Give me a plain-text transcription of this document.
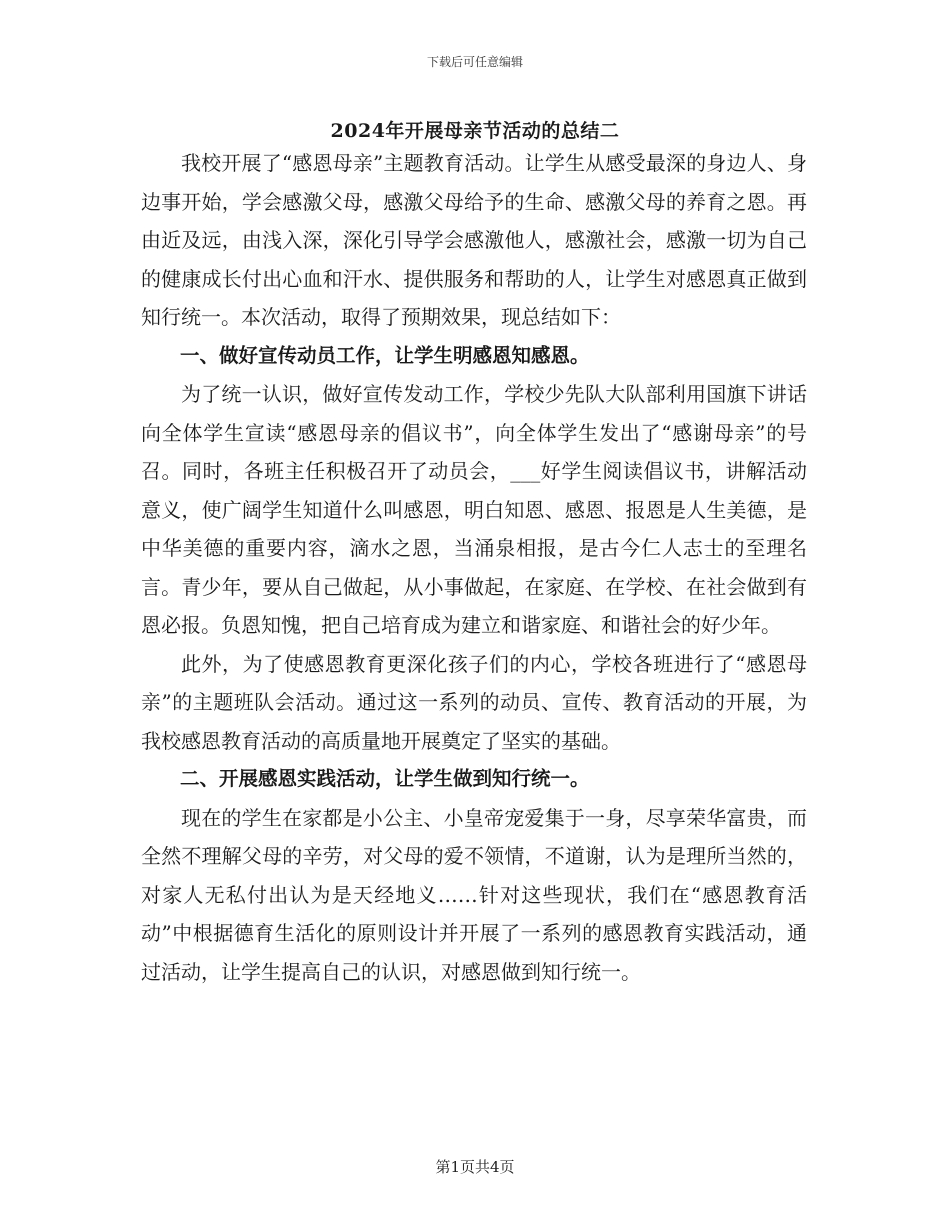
下载后可任意编辑
2024年开展母亲节活动的总结二

我校开展了“感恩母亲”主题教育活动。让学生从感受最深的身边人、身边事开始，学会感激父母，感激父母给予的生命、感激父母的养育之恩。再由近及远，由浅入深，深化引导学会感激他人，感激社会，感激一切为自己的健康成长付出心血和汗水、提供服务和帮助的人，让学生对感恩真正做到知行统一。本次活动，取得了预期效果，现总结如下：

一、做好宣传动员工作，让学生明感恩知感恩。

为了统一认识，做好宣传发动工作，学校少先队大队部利用国旗下讲话向全体学生宣读“感恩母亲的倡议书”，向全体学生发出了“感谢母亲”的号召。同时，各班主任积极召开了动员会，___好学生阅读倡议书，讲解活动意义，使广阔学生知道什么叫感恩，明白知恩、感恩、报恩是人生美德，是中华美德的重要内容，滴水之恩，当涌泉相报，是古今仁人志士的至理名言。青少年，要从自己做起，从小事做起，在家庭、在学校、在社会做到有恩必报。负恩知愧，把自己培育成为建立和谐家庭、和谐社会的好少年。

此外，为了使感恩教育更深化孩子们的内心，学校各班进行了“感恩母亲”的主题班队会活动。通过这一系列的动员、宣传、教育活动的开展，为我校感恩教育活动的高质量地开展奠定了坚实的基础。

二、开展感恩实践活动，让学生做到知行统一。

现在的学生在家都是小公主、小皇帝宠爱集于一身，尽享荣华富贵，而全然不理解父母的辛劳，对父母的爱不领情，不道谢，认为是理所当然的，对家人无私付出认为是天经地义……针对这些现状，我们在“感恩教育活动”中根据德育生活化的原则设计并开展了一系列的感恩教育实践活动，通过活动，让学生提高自己的认识，对感恩做到知行统一。

第1页共4页
